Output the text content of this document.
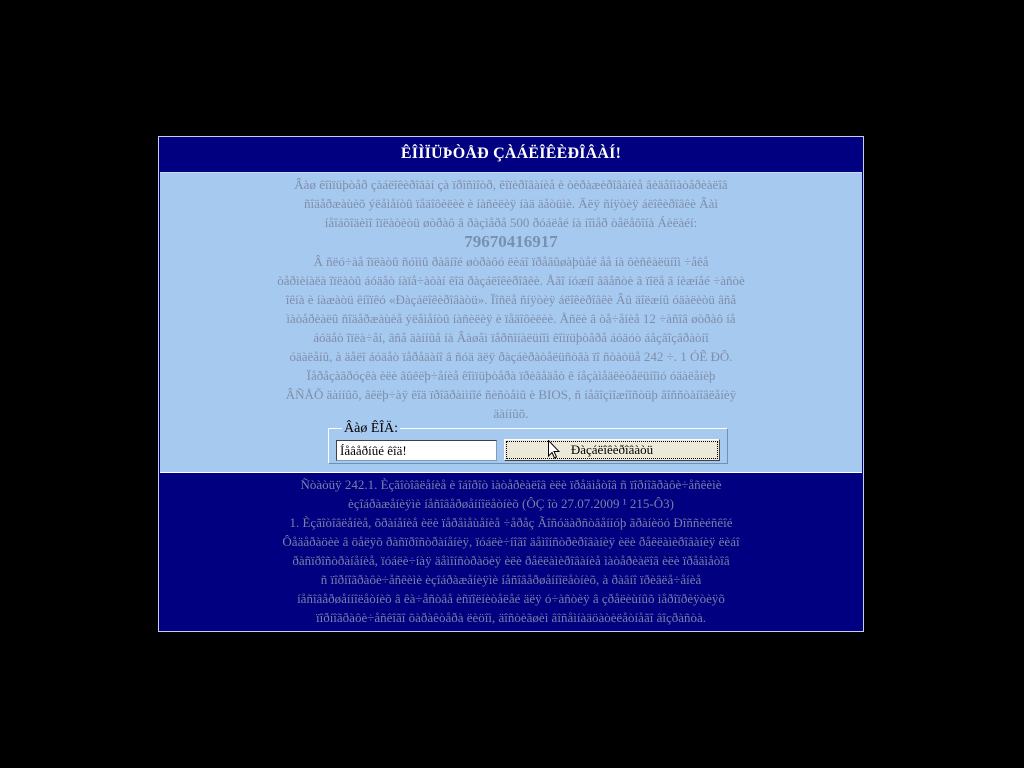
ÊÎÌÏÜÞÒÅÐ ÇÀÁËÎÊÈÐÎÂÀÍ!
Âàø êîìïüþòåð çàáëîêèðîâàí çà ïðîñìîòð, êîïèðîâàíèå è òèðàæèðîâàíèå âèäåîìàòåðèàëîâ
ñîäåðæàùèõ ýëåìåíòû ïåäîôèëèè è íàñèëèÿ íàä äåòüìè. Äëÿ ñíÿòèÿ áëîêèðîâêè Âàì
íåîáõîäèìî îïëàòèòü øòðàô â ðàçìåðå 500 ðóáëåé íà íîìåð òåëåôîíà Áèëàéí:
79670416917
Â ñëó÷àå îïëàòû ñóììû ðàâíîé øòðàôó ëèáî ïðåâûøàþùåé åå íà ôèñêàëüíîì ÷åêå
òåðìèíàëà îïëàòû áóäåò íàïå÷àòàí êîä ðàçáëîêèðîâêè. Åãî íóæíî ââåñòè â ïîëå â íèæíåé ÷àñòè
îêíà è íàæàòü êíîïêó «Ðàçáëîêèðîâàòü». Ïîñëå ñíÿòèÿ áëîêèðîâêè Âû äîëæíû óäàëèòü âñå
ìàòåðèàëû ñîäåðæàùèå ýëåìåíòû íàñèëèÿ è ïåäîôèëèè. Åñëè â òå÷åíèå 12 ÷àñîâ øòðàô íå
áóäåò îïëà÷åí, âñå äàííûå íà Âàøåì ïåðñîíàëüíîì êîìïüþòåðå áóäóò áåçâîçâðàòíî
óäàëåíû, à äåëî áóäåò ïåðåäàíî â ñóä äëÿ ðàçáèðàòåëüñòâà ïî ñòàòüå 242 ÷. 1 ÓÊ ÐÔ.
Ïåðåçàãðóçêà èëè âûêëþ÷åíèå êîìïüþòåðà ïðèâåäåò ê íåçàìåäëèòåëüíîìó óäàëåíèþ
ÂÑÅÕ äàííûõ, âêëþ÷àÿ êîä ïðîãðàììíîé ñèñòåìû è BIOS, ñ íåâîçìîæíîñòüþ âîññòàíîâëåíèÿ
äàííûõ.
Âàø ÊÎÄ:
Íåâåðíûé êîä!
Ðàçáëîêèðîâàòü
Ñòàòüÿ 242.1. Èçãîòîâëåíèå è îáîðîò ìàòåðèàëîâ èëè ïðåäìåòîâ ñ ïîðíîãðàôè÷åñêèìè
èçîáðàæåíèÿìè íåñîâåðøåííîëåòíèõ (ÔÇ îò 27.07.2009 ¹ 215-Ô3)
1. Èçãîòîâëåíèå, õðàíåíèå èëè ïåðåìåùåíèå ÷åðåç Ãîñóäàðñòâåííóþ ãðàíèöó Ðîññèéñêîé
Ôåäåðàöèè â öåëÿõ ðàñïðîñòðàíåíèÿ, ïóáëè÷íîãî äåìîíñòðèðîâàíèÿ èëè ðåêëàìèðîâàíèÿ ëèáî
ðàñïðîñòðàíåíèå, ïóáëè÷íàÿ äåìîíñòðàöèÿ èëè ðåêëàìèðîâàíèå ìàòåðèàëîâ èëè ïðåäìåòîâ
ñ ïîðíîãðàôè÷åñêèìè èçîáðàæåíèÿìè íåñîâåðøåííîëåòíèõ, à ðàâíî ïðèâëå÷åíèå
íåñîâåðøåííîëåòíèõ â êà÷åñòâå èñïîëíèòåëåé äëÿ ó÷àñòèÿ â çðåëèùíûõ ìåðîïðèÿòèÿõ
ïîðíîãðàôè÷åñêîãî õàðàêòåðà ëèöîì, äîñòèãøèì âîñåìíàäöàòèëåòíåãî âîçðàñòà.
